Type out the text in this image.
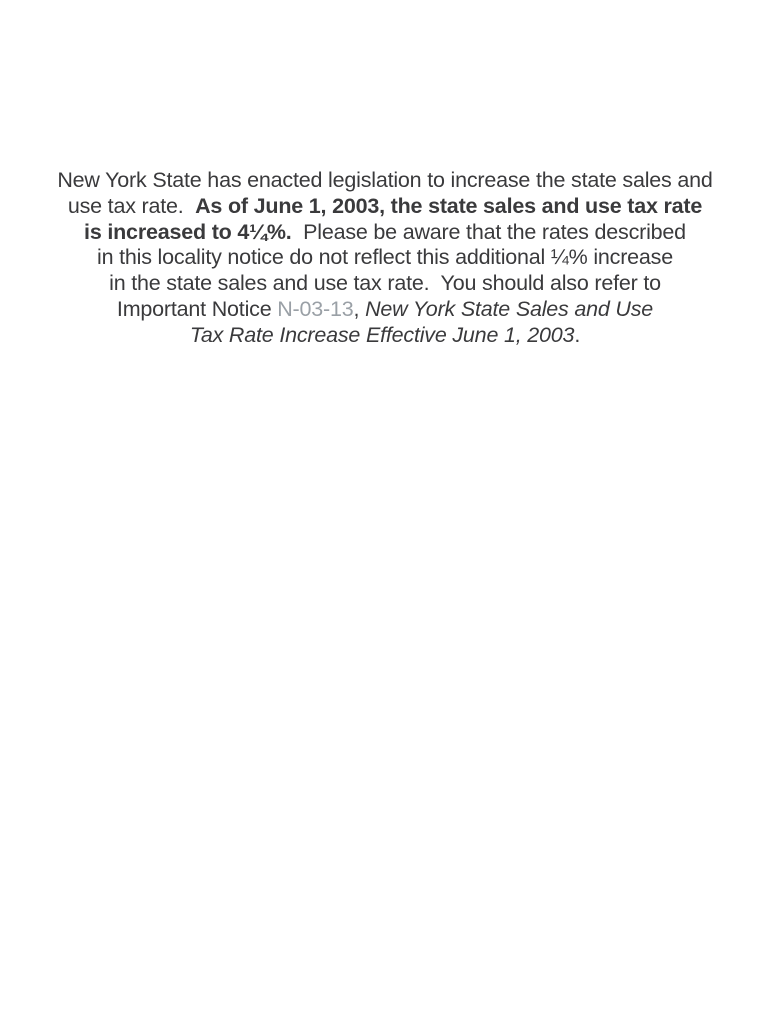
New York State has enacted legislation to increase the state sales and
use tax rate.  As of June 1, 2003, the state sales and use tax rate
is increased to 4¼%.  Please be aware that the rates described
in this locality notice do not reflect this additional ¼% increase
in the state sales and use tax rate.  You should also refer to
Important Notice N-03-13, New York State Sales and Use
Tax Rate Increase Effective June 1, 2003.
